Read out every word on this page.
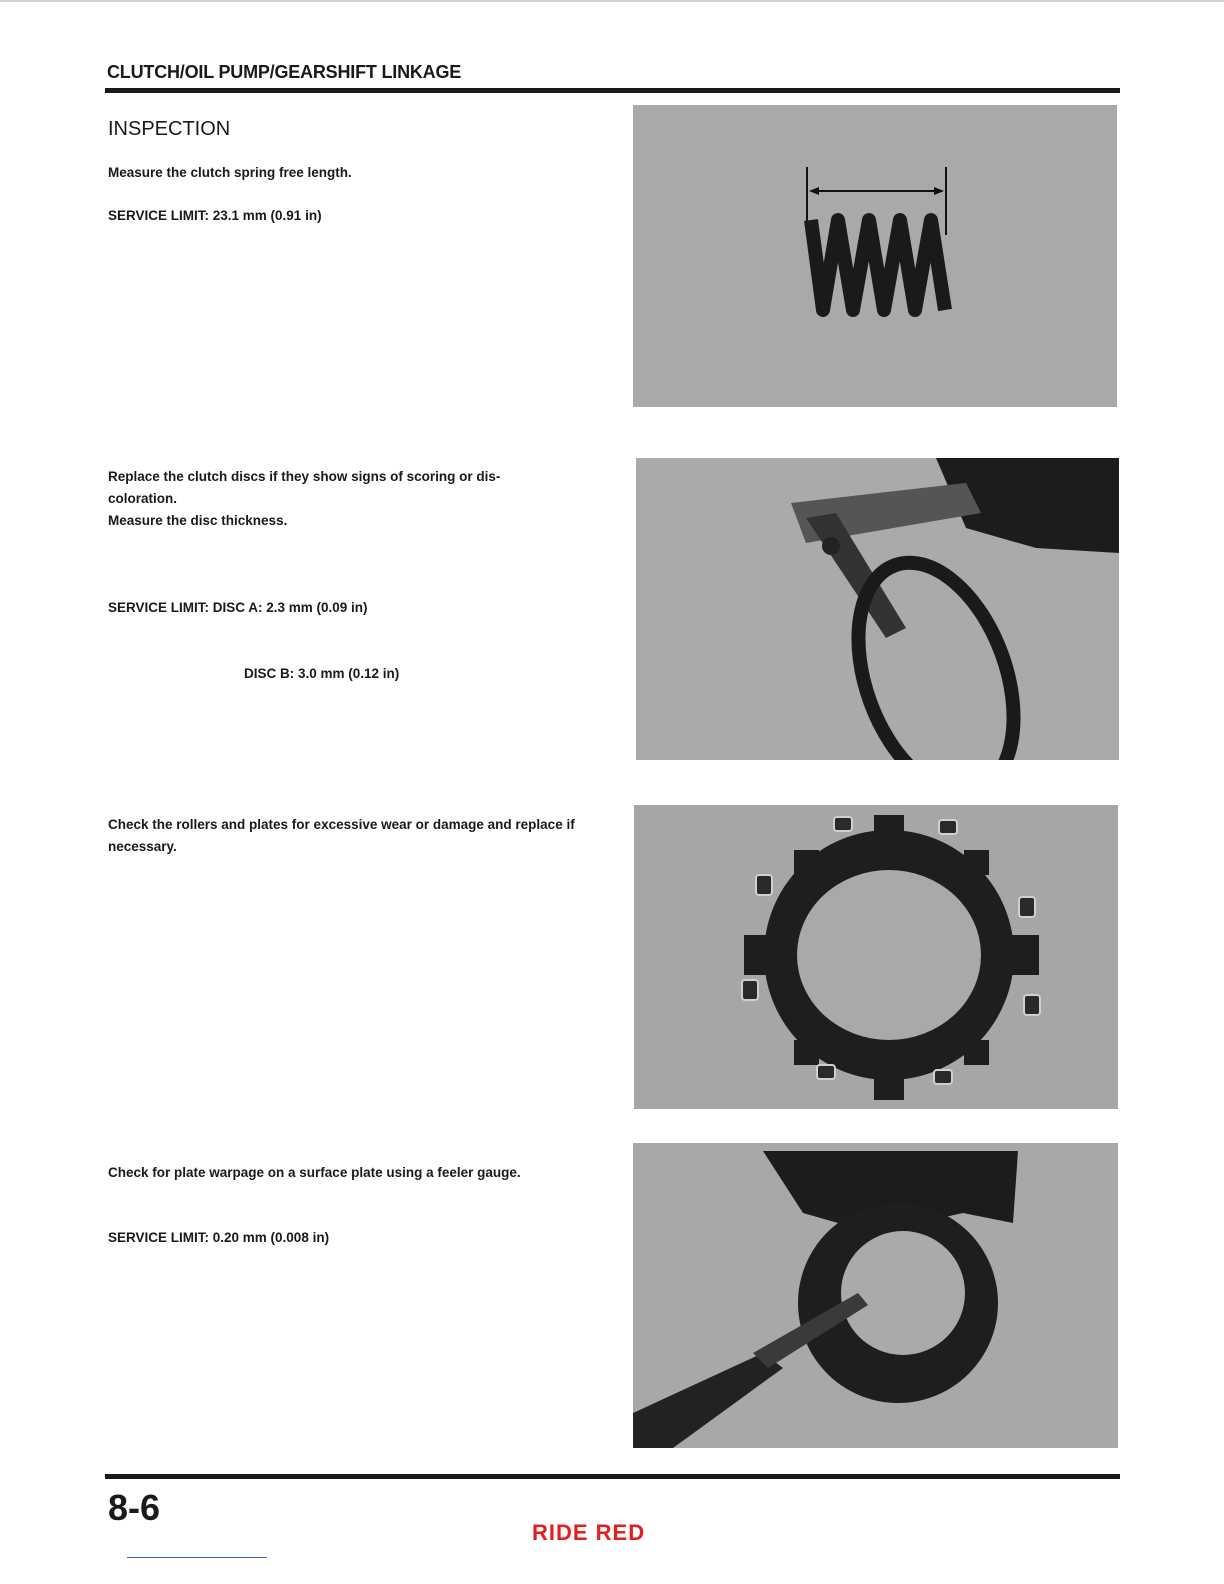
CLUTCH/OIL PUMP/GEARSHIFT LINKAGE
INSPECTION
Measure the clutch spring free length.
SERVICE LIMIT: 23.1 mm (0.91 in)
Replace the clutch discs if they show signs of scoring or dis-
coloration.
Measure the disc thickness.

SERVICE LIMIT: DISC A: 2.3 mm (0.09 in)

DISC B: 3.0 mm (0.12 in)

Check the rollers and plates for excessive wear or damage and replace if necessary.
Check for plate warpage on a surface plate using a feeler gauge.
SERVICE LIMIT: 0.20 mm (0.008 in)
8-6
RIDE RED
